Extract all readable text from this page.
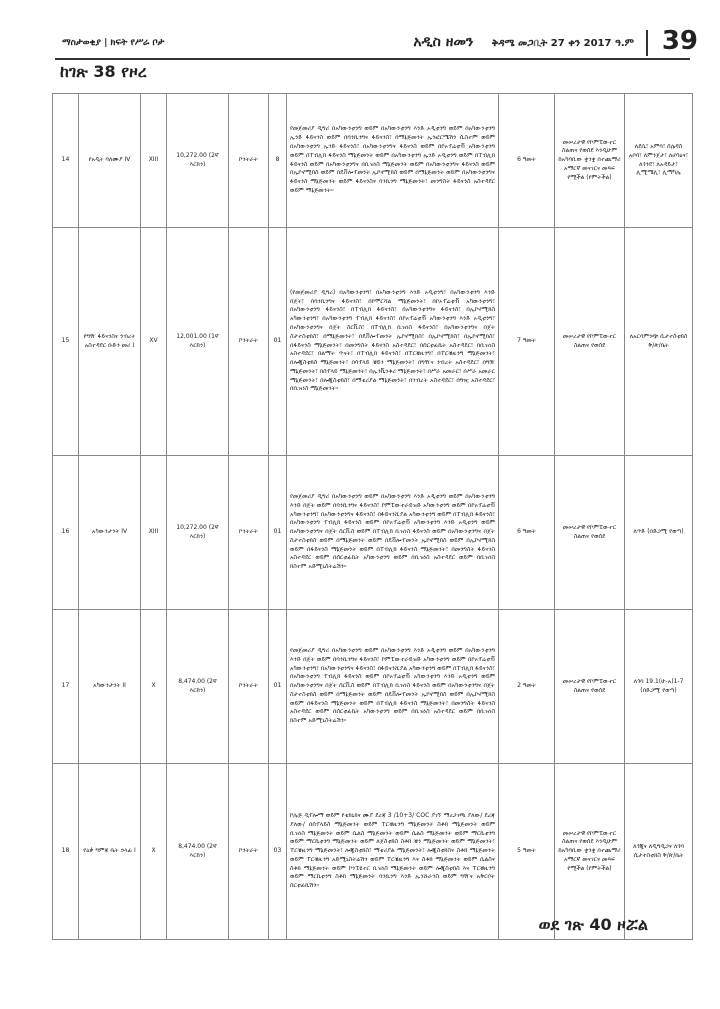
ማስታወቂያ | ክፍት የሥራ ቦታ	አዲስ ዘመን ቅዳሜ መጋቢት 27 ቀን 2017 ዓ.ም 39
ከገጽ 38 የዞረ
14	የአዲት ባለሙያ IV	XIII	10,272.00 (2ኛ እርከን)	ኮንትራት	8	የመጀመሪያ ዲግሪ በአካውንቲንግ ወይም በአካውንቲንግ እንድ ኦዲቲንግ ወይም በአካውንቲንግ ኢንድ ፋይናንስ ወይም በባንኪንግና ፋይናንስ፣ በማኔጅመንት ኢንፎርሜሽን ሲስተም ወይም በአካውንቲንግ ኢንድ ፋይናንስ፣ በአካውንቲንግና ፋይናንስ ወይም በኮኦፕሬቲቭ አካውንቲንግ ወይም በፐብሊክ ፋይናንስ ማኔጅመንት ወይም በአካውንቲንግ ኢንድ ኦዲቲንግ ወይም በፐብሊክ ፋይናንስ ወይም በአካውንቲንግና በቢዝነስ ማኔጅመንት ወይም በአካውንቲንግና ፋይናንስ ወይም በኢኮኖሚክስ ወይም በዴቨሎፕመንት ኢኮኖሚክስ ወይም በማኔጅመንት ወይም በአካውንቲንግና ፋይናንስ ማኔጅመንት ወይም ፋይናንስና ባንኪንግ ማኔጅመንት፣ መንግስት ፋይናንስ አስተዳደር ወይም ማኔጅመንት።	6 ዓመት	መሠረታዊ የኮምፒውተር ስልጠና የወሰደ እንዲሁም ከአካባቢው ቋንቋ በተጨማሪ አማርኛ መናገርና መጻፍ የሚችል (የምትችል)	ለደሴ፣ አምባ፣ ሰሌዳስ አቦባ፣ ለምንጀታ፣ ለሆሳዕና፣ ለጎንደ፣ ለአዳይታ፣ ሊሚሜሊ፣ ሊማካሌ
15	የግዥ ፋይናንስና ንብረት አስተዳደር ቡድን መሪ I	XV	12,001.00 (1ኛ እርከን)	ኮንትራት	01	(የመጀመሪያ ዲግሪ) በአካውንቲንግ፣ በአካውንቲንግ እንድ ኦዲቲንግ፣ በአካውንቲንግ እንድ በጀት፣ በባንኪንግና ፋይናንስ፣ በኮሞርሻል ማኔጅመንት፣ በኮኦፕሬቲቭ አካውንቲንግ፣ በአካውንቲንግ ፋይናንስ፣ በፐብሊክ ፋይናንስ፣ በአካውንቲንግና ፋይናንስ፣ በኢኮኖሚክስ አካውንቲንግ፣ በአካውንቲንግ ፕብሊክ ፋይናንስ፣ በኮኦፕሬቲቭ አካውንቲንግ እንድ ኦዲቲንግ፣ በአካውንቲንግና በጀት ስርቪስ፣ በፐብሊክ ቢዝነስ ፋይናንስ፣ በአካውንቲንግና በጀት ስታተስቲክስ፣ በማኔጅመንት፣ በዴቨሎፕመንት ኢኮኖሚክስ፣ በኢኮኖሚክስ፣ በኢኮኖሚክስ፣ በፋይናንስ ማኔጅመንት፣ በመንግስት ፋይናንስ አስተዳደር፣ በሰርቲፊኬት አስተዳደር፣ በቢዝነስ አስተዳደር፣ በልማት ጥናት፣ በፐብሊክ ፋይናንስ፣ በፐርቼዚንግ፣ በፐርቼዚንግ ማኔጅመንት፣ በሎጂስቲክስ ማኔጅመንት፣ በሳፕላይ ቼይን ማኔጅመንት፣ በግዥና ንብረት አስተዳደር፣ በግዥ ማኔጅመንት፣ በሰፕላይ ማኔጅመንት፣ በኢንቬንቶሪ ማኔጅመንት፣ በሥራ አመራር፣ በሥራ አመራር ማኔጅመንት፣ በሎጂስቲክስ፣ በማቴሪያል ማኔጅመንት፣ በንብረት አስተዳደር፣ በግዢ አስተዳደር፣ በቢዝነስ ማኔጅመንት።	7 ዓመት	መሠረታዊ የኮምፒውተር ስልጠና የወሰደ	ለአርባምንጭ ሲታተስቲክስ ቅ/ጽ/ቤት
16	አካውንታንት IV	XIII	10,272.00 (2ኛ እርከን)	ኮንትራት	01	የመጀመሪያ ዲግሪ በአካውንቲንግ ወይም በአካውንቲንግ እንድ ኦዲቲንግ ወይም በአካውንቲንግ እንድ በጀት ወይም በባንኪንግና ፋይናንስ፣ ኮምፒውተራይዝድ አካውንቲንግ ወይም በኮኦፕሬቲቭ አካውንቲንግ፣ በአካውንቲንግና ፋይናንስ፣ በፋይናንሺያል አካውንቲንግ ወይም በፐብሊክ ፋይናንስ፣ በአካውንቲንግ ፕብሊክ ፋይናንስ ወይም በኮኦፕሬቲቭ አካውንቲንግ እንድ ኦዲቲንግ ወይም በአካውንቲንግና በጀት ሰርቪስ ወይም በፐብሊክ ቢዝነስ ፋይናንስ ወይም በአካውንቲንግና በጀት ስታተስቲክስ ወይም በማኔጅመንት ወይም በዴቨሎፕመንት ኢኮኖሚክስ ወይም በኢኮኖሚክስ ወይም በፋይናንስ ማኔጅመንት ወይም በፐብሊክ ፋይናንስ ማኔጅመንት፣ በመንግስት ፋይናንስ አስተዳደር ወይም በሰርቲፊኬት አካውንቲንግ ወይም በቢዝነስ አስተዳደር ወይም በቢዝነስ ክስተም አድሚኒስትሬሽን።	6 ዓመት	መሠረታዊ የኮምፒውተር ስልጠና የወሰደ	ለጥድ (በድጋሚ የወጣ)
17	አካውንታንት II	X	8,474.00 (2ኛ እርከን)	ኮንትራት	01	የመጀመሪያ ዲግሪ በአካውንቲንግ ወይም በአካውንቲንግ እንድ ኦዲቲንግ ወይም በአካውንቲንግ እንድ በጀት ወይም በባንኪንግና ፋይናንስ፣ ኮምፒውተራይዝድ አካውንቲንግ ወይም በኮኦፕሬቲቭ አካውንቲንግ፣ በአካውንቲንግና ፋይናንስ፣ በፋይናንሺያል አካውንቲንግ ወይም በፐብሊክ ፋይናንስ፣ በአካውንቲንግ ፕብሊክ ፋይናንስ ወይም በኮኦፕሬቲቭ አካውንቲንግ እንድ ኦዲቲንግ ወይም በአካውንቲንግና በጀት ሰርቪስ ወይም በፐብሊክ ቢዝነስ ፋይናንስ ወይም በአካውንቲንግና በጀት ስታተስቲክስ ወይም በማኔጅመንት ወይም በዴቨሎፕመንት ኢኮኖሚክስ ወይም በኢኮኖሚክስ ወይም በፋይናንስ ማኔጅመንት ወይም በፐብሊክ ፋይናንስ ማኔጅመንት፣ በመንግስት ፋይናንስ አስተዳደር ወይም በሰርቲፊኬት አካውንቲንግ ወይም በቢዝነስ አስተዳደር ወይም በቢዝነስ ክስተም አድሚኒስትሬሽን።	2 ዓመት	መሠረታዊ የኮምፒውተር ስልጠና የወሰደ	ለጎባ 19.1(ሁ-አ)1-7 (በድጋሚ የወጣ)
18	የዕቃ ግምጃ ቤት ኃላፊ I	X	8,474.00 (2ኛ እርከን)	ኮንትራት	03	ኮሌጅ ዲፕሎማ ወይም የቴክኒክና ሙያ ደረጃ 3 /10+3/ COC ያገኘ ማረጋገጫ ያለው/ ደረጃ ያለው/ በሰፕላይስ ማኔጅመንት ወይም ፐርቼዚንግ ማኔጅመንት ስቶክ ማኔጅመንት ወይም ቢዝነስ ማኔጅመንት ወይም ሴልስ ማኔጅመንት ወይም ሴልስ ማኔጅመንት ወይም ማርኬቲንግ ወይም ማርኬቲንግ ማኔጅመንት ወይም ለጀስቲክስ ስቶክ ቼን ማኔጅመንት ወይም ማኔጅመንት፣ ፐርቼዚንግ ማኔጅመንት፣ ሎጂስቲክስ፣ ማቴሪያል ማኔጅመንት፣ ሎጂስቲክስና ስቶክ ማኔጅመንት ወይም ፐርቼዚንግ አድሚኒስትሬሽን ወይም ፐርቼዚንግ እና ስቶክ ማኔጅመንት ወይም ሴልስና ስቶክ ማኔጅመንት ወይም ኮንፒዩተር ቢዝነስ ማኔጅመንት ወይም ሎጂስቲክስ እና ፐርቼዚንግ ወይም ማርኬቲንግ ስቶክ ማኔጅመንት ባንኪንግ እንድ ኢንሹራንስ ወይም ግዥና አቅርቦት ሰርቲፊኬሽን።	5 ዓመት	መሠረታዊ የኮምፒውተር ስልጠና የወሰደ እንዲሁም ከአካባቢው ቋንቋ በተጨማሪ አማርኛ መናገርና መጻፍ የሚችል (የምትችል)	ለጎጂና ለዲግዲጋና ለጎባ ሲታተስቲክስ ቅ/ጽ/ቤት
ወደ ገጽ 40 ዞሯል
